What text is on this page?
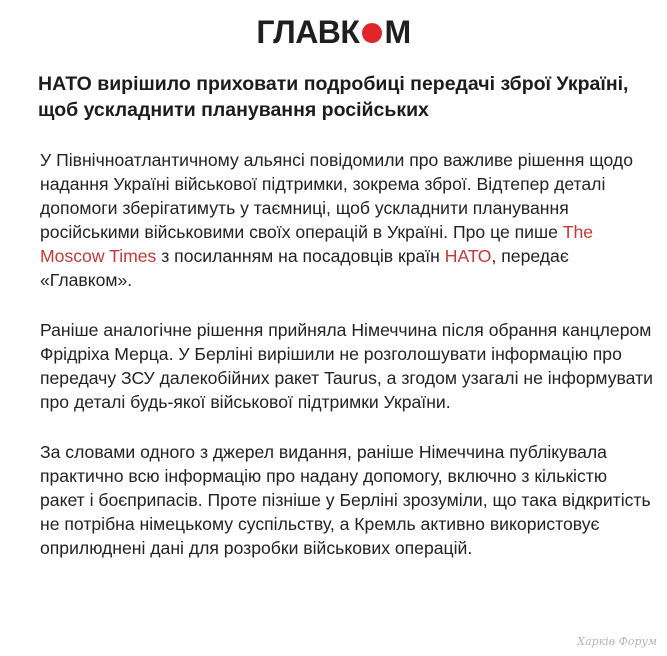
ГЛАВК М
НАТО вирішило приховати подробиці передачі зброї Україні, щоб ускладнити планування російських

У Північноатлантичному альянсі повідомили про важливе рішення щодо надання Україні військової підтримки, зокрема зброї. Відтепер деталі допомоги зберігатимуть у таємниці, щоб ускладнити планування російськими військовими своїх операцій в Україні. Про це пише The Moscow Times з посиланням на посадовців країн НАТО, передає «Главком».

Раніше аналогічне рішення прийняла Німеччина після обрання канцлером Фрідріха Мерца. У Берліні вирішили не розголошувати інформацію про передачу ЗСУ далекобійних ракет Taurus, а згодом узагалі не інформувати про деталі будь-якої військової підтримки України.

За словами одного з джерел видання, раніше Німеччина публікувала практично всю інформацію про надану допомогу, включно з кількістю ракет і боєприпасів. Проте пізніше у Берліні зрозуміли, що така відкритість не потрібна німецькому суспільству, а Кремль активно використовує оприлюднені дані для розробки військових операцій.

Харків Форум
